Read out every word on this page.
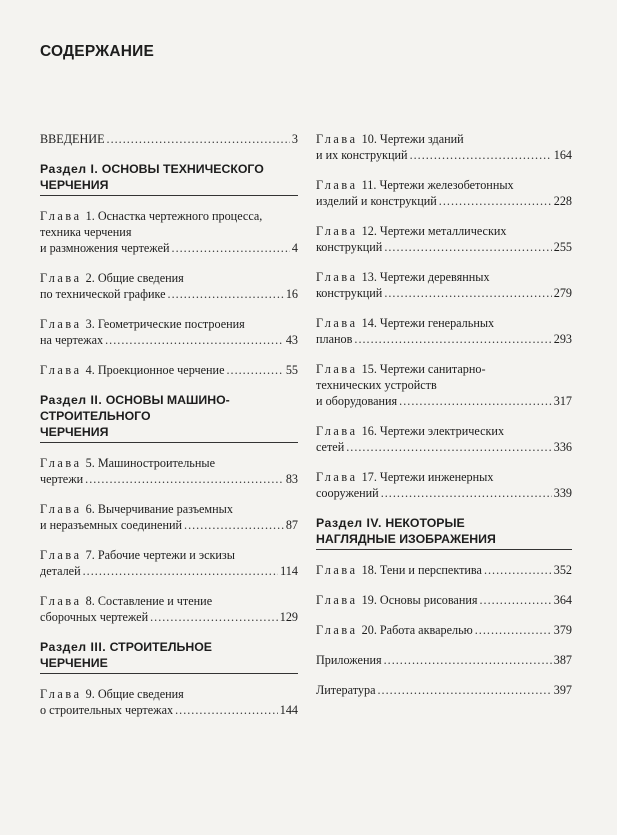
СОДЕРЖАНИЕ
ВВЕДЕНИЕ .....	3
Раздел I. ОСНОВЫ ТЕХНИЧЕСКОГО ЧЕРЧЕНИЯ
Глава 1. Оснастка чертежного процесса,
техника черчения
и размножения чертежей .....	4
Глава 2. Общие сведения
по технической графике .....	16
Глава 3. Геометрические построения
на чертежах .....	43
Глава 4. Проекционное черчение .....	55
Раздел II. ОСНОВЫ МАШИНО-СТРОИТЕЛЬНОГО
ЧЕРЧЕНИЯ
Глава 5. Машиностроительные
чертежи .....	83
Глава 6. Вычерчивание разъемных
и неразъемных соединений .....	87
Глава 7. Рабочие чертежи и эскизы
деталей .....	114
Глава 8. Составление и чтение
сборочных чертежей .....	129
Раздел III. СТРОИТЕЛЬНОЕ
ЧЕРЧЕНИЕ
Глава 9. Общие сведения
о строительных чертежах .....	144
Глава 10. Чертежи зданий
и их конструкций .....	164
Глава 11. Чертежи железобетонных
изделий и конструкций .....	228
Глава 12. Чертежи металлических
конструкций .....	255
Глава 13. Чертежи деревянных
конструкций .....	279
Глава 14. Чертежи генеральных
планов .....	293
Глава 15. Чертежи санитарно-
технических устройств
и оборудования .....	317
Глава 16. Чертежи электрических
сетей .....	336
Глава 17. Чертежи инженерных
сооружений .....	339
Раздел IV. НЕКОТОРЫЕ
НАГЛЯДНЫЕ ИЗОБРАЖЕНИЯ
Глава 18. Тени и перспектива .....	352
Глава 19. Основы рисования .....	364
Глава 20. Работа акварелью .....	379
Приложения .....	387
Литература .....	397
